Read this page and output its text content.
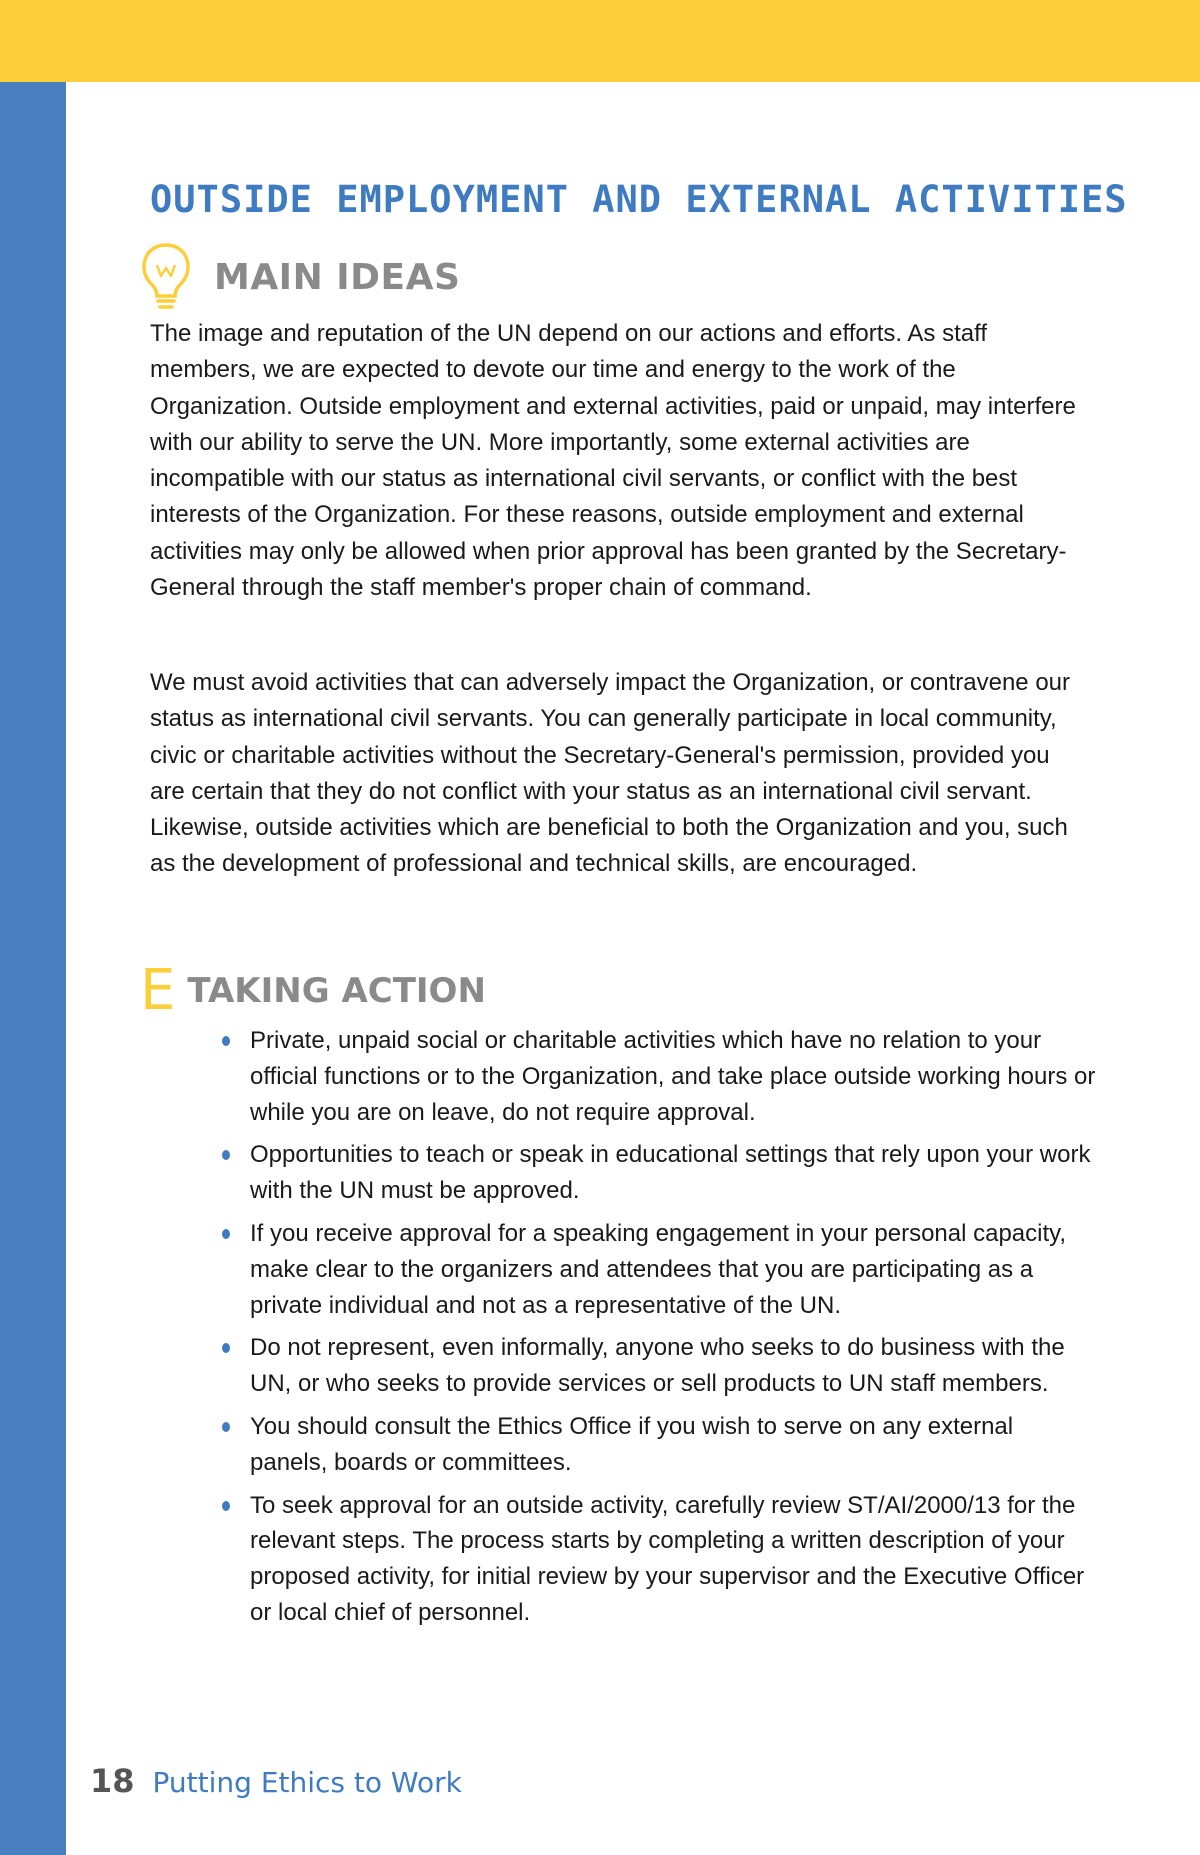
OUTSIDE EMPLOYMENT AND EXTERNAL ACTIVITIES
MAIN IDEAS

The image and reputation of the UN depend on our actions and efforts. As staff members, we are expected to devote our time and energy to the work of the Organization. Outside employment and external activities, paid or unpaid, may interfere with our ability to serve the UN. More importantly, some external activities are incompatible with our status as international civil servants, or conflict with the best interests of the Organization. For these reasons, outside employment and external activities may only be allowed when prior approval has been granted by the Secretary-General through the staff member's proper chain of command.

We must avoid activities that can adversely impact the Organization, or contravene our status as international civil servants. You can generally participate in local community, civic or charitable activities without the Secretary-General's permission, provided you are certain that they do not conflict with your status as an international civil servant. Likewise, outside activities which are beneficial to both the Organization and you, such as the development of professional and technical skills, are encouraged.

E TAKING ACTION
Private, unpaid social or charitable activities which have no relation to your official functions or to the Organization, and take place outside working hours or while you are on leave, do not require approval.
Opportunities to teach or speak in educational settings that rely upon your work with the UN must be approved.
If you receive approval for a speaking engagement in your personal capacity, make clear to the organizers and attendees that you are participating as a private individual and not as a representative of the UN.
Do not represent, even informally, anyone who seeks to do business with the UN, or who seeks to provide services or sell products to UN staff members.
You should consult the Ethics Office if you wish to serve on any external panels, boards or committees.
To seek approval for an outside activity, carefully review ST/AI/2000/13 for the relevant steps. The process starts by completing a written description of your proposed activity, for initial review by your supervisor and the Executive Officer or local chief of personnel.
18 Putting Ethics to Work
